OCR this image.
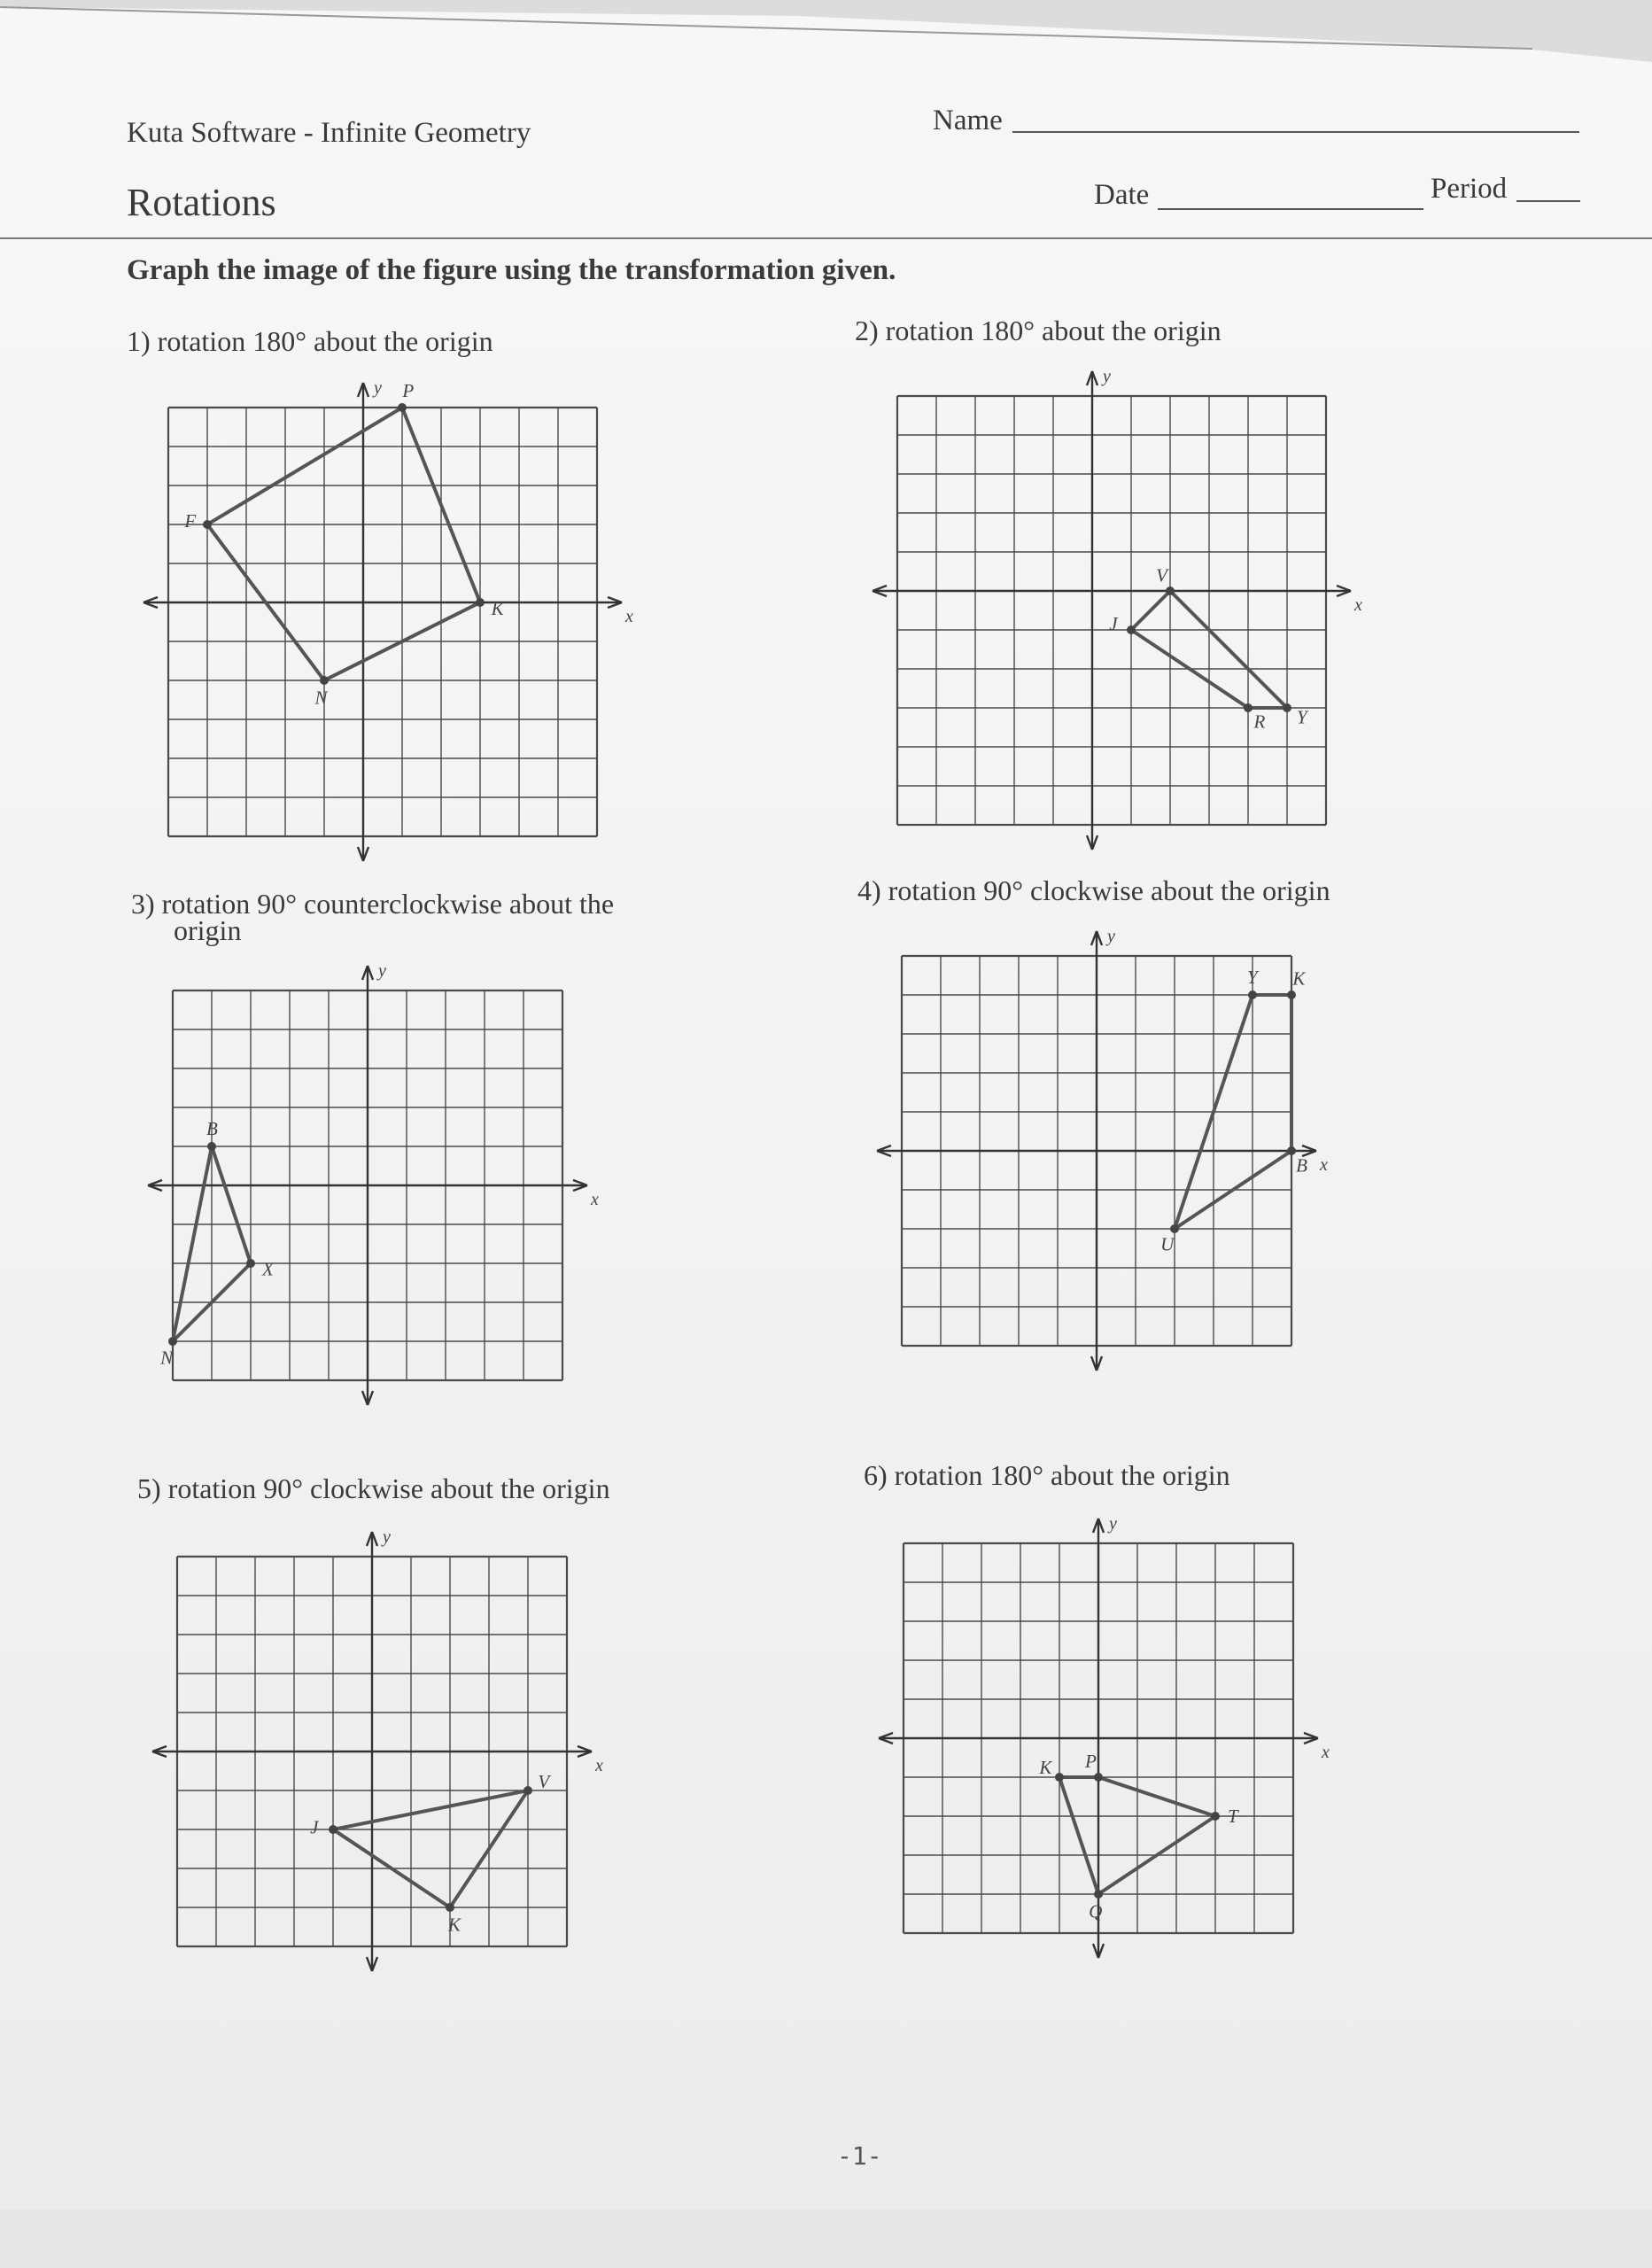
Kuta Software - Infinite Geometry	Name
Rotations	Date	Period
Graph the image of the figure using the transformation given.
1) rotation 180° about the origin	2) rotation 180° about the origin
3) rotation 90° counterclockwise about the
origin
4) rotation 90° clockwise about the origin
5) rotation 90° clockwise about the origin	6) rotation 180° about the origin
x
y P
K
N
F
x
y
V
Y
R
J
x
y
B
X
N
x
y
Y K
B
U
x
y
V
K
J
x
y
K P
T
Q
-1-
